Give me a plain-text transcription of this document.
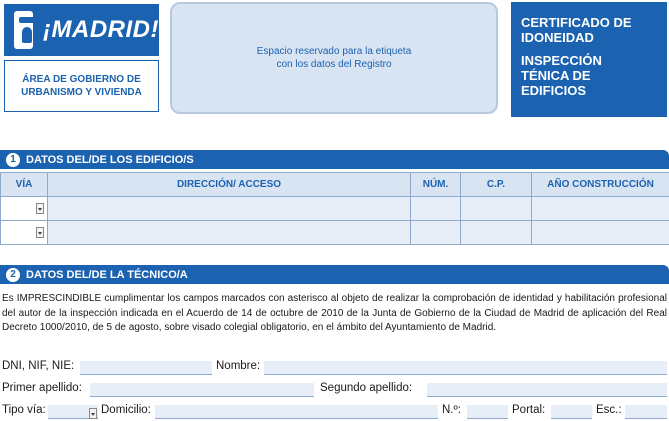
¡MADRID!
ÁREA DE GOBIERNO DE
URBANISMO Y VIVIENDA
Espacio reservado para la etiqueta
con los datos del Registro
CERTIFICADO DE
IDONEIDAD
INSPECCIÓN
TÉNICA DE
EDIFICIOS
1 DATOS DEL/DE LOS EDIFICIO/S
VÍA	DIRECCIÓN/ ACCESO	NÚM.	C.P.	AÑO CONSTRUCCIÓN

2 DATOS DEL/DE LA TÉCNICO/A

Es IMPRESCINDIBLE cumplimentar los campos marcados con asterisco al objeto de realizar la comprobación de identidad y habilitación profesional del autor de la inspección indicada en el Acuerdo de 14 de octubre de 2010 de la Junta de Gobierno de la Ciudad de Madrid de aplicación del Real Decreto 1000/2010, de 5 de agosto, sobre visado colegial obligatorio, en el ámbito del Ayuntamiento de Madrid.

DNI, NIF, NIE:	Nombre:
Primer apellido:	Segundo apellido:
Tipo vía:	Domicilio:	N.º:	Portal:	Esc.:
